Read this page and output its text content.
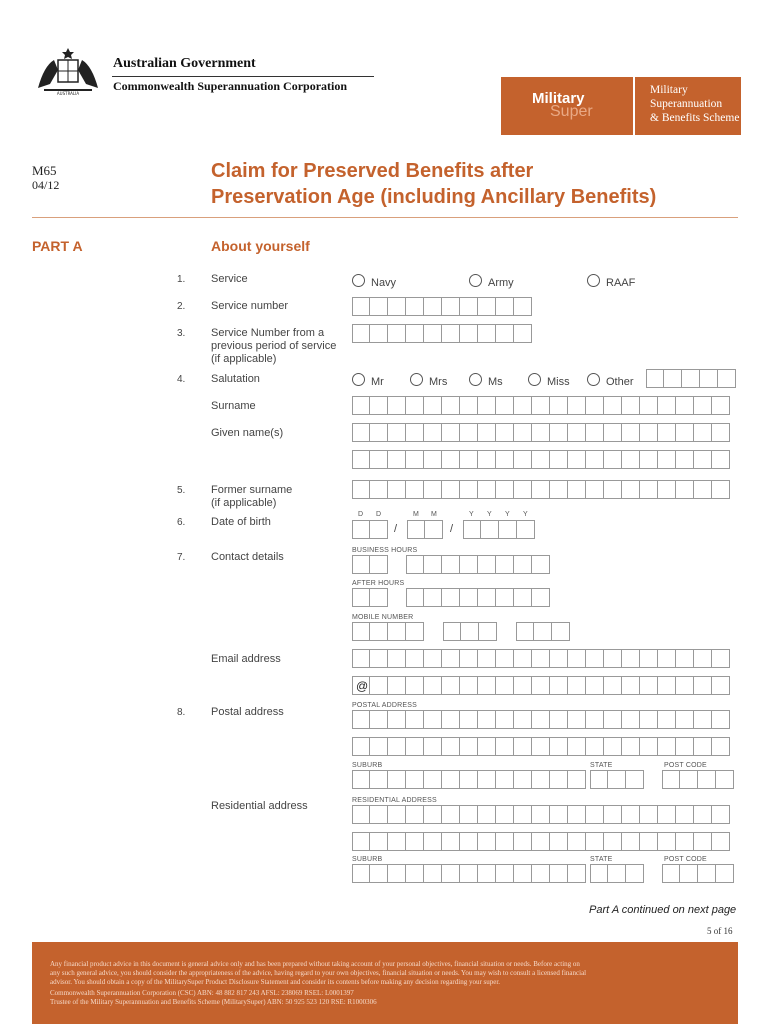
AUSTRALIA
Australian Government
Commonwealth Superannuation Corporation
Military
Super
Military
Superannuation
& Benefits Scheme
M65
04/12
Claim for Preserved Benefits after
Preservation Age (including Ancillary Benefits)
PART A	About yourself
1. Service	Navy	Army	RAAF
2. Service number
3. Service Number from a
previous period of service
(if applicable)
4. Salutation	Mr	Mrs	Ms	Miss	Other
Surname
Given name(s)
5. Former surname
(if applicable)
6. Date of birth
D D	M M	Y Y Y Y
/	/
7. Contact details
BUSINESS HOURS
AFTER HOURS
MOBILE NUMBER
Email address
@
8. Postal address
POSTAL ADDRESS
SUBURB	STATE	POST CODE
Residential address	RESIDENTIAL ADDRESS
SUBURB	STATE	POST CODE
Part A continued on next page
5 of 16
Any financial product advice in this document is general advice only and has been prepared without taking account of your personal objectives, financial situation or needs. Before acting on
any such general advice, you should consider the appropriateness of the advice, having regard to your own objectives, financial situation or needs. You may wish to consult a licensed financial
advisor. You should obtain a copy of the MilitarySuper Product Disclosure Statement and consider its contents before making any decision regarding your super.
Commonwealth Superannuation Corporation (CSC) ABN: 48 882 817 243 AFSL: 238069 RSEL: L0001397
Trustee of the Military Superannuation and Benefits Scheme (MilitarySuper) ABN: 50 925 523 120 RSE: R1000306
